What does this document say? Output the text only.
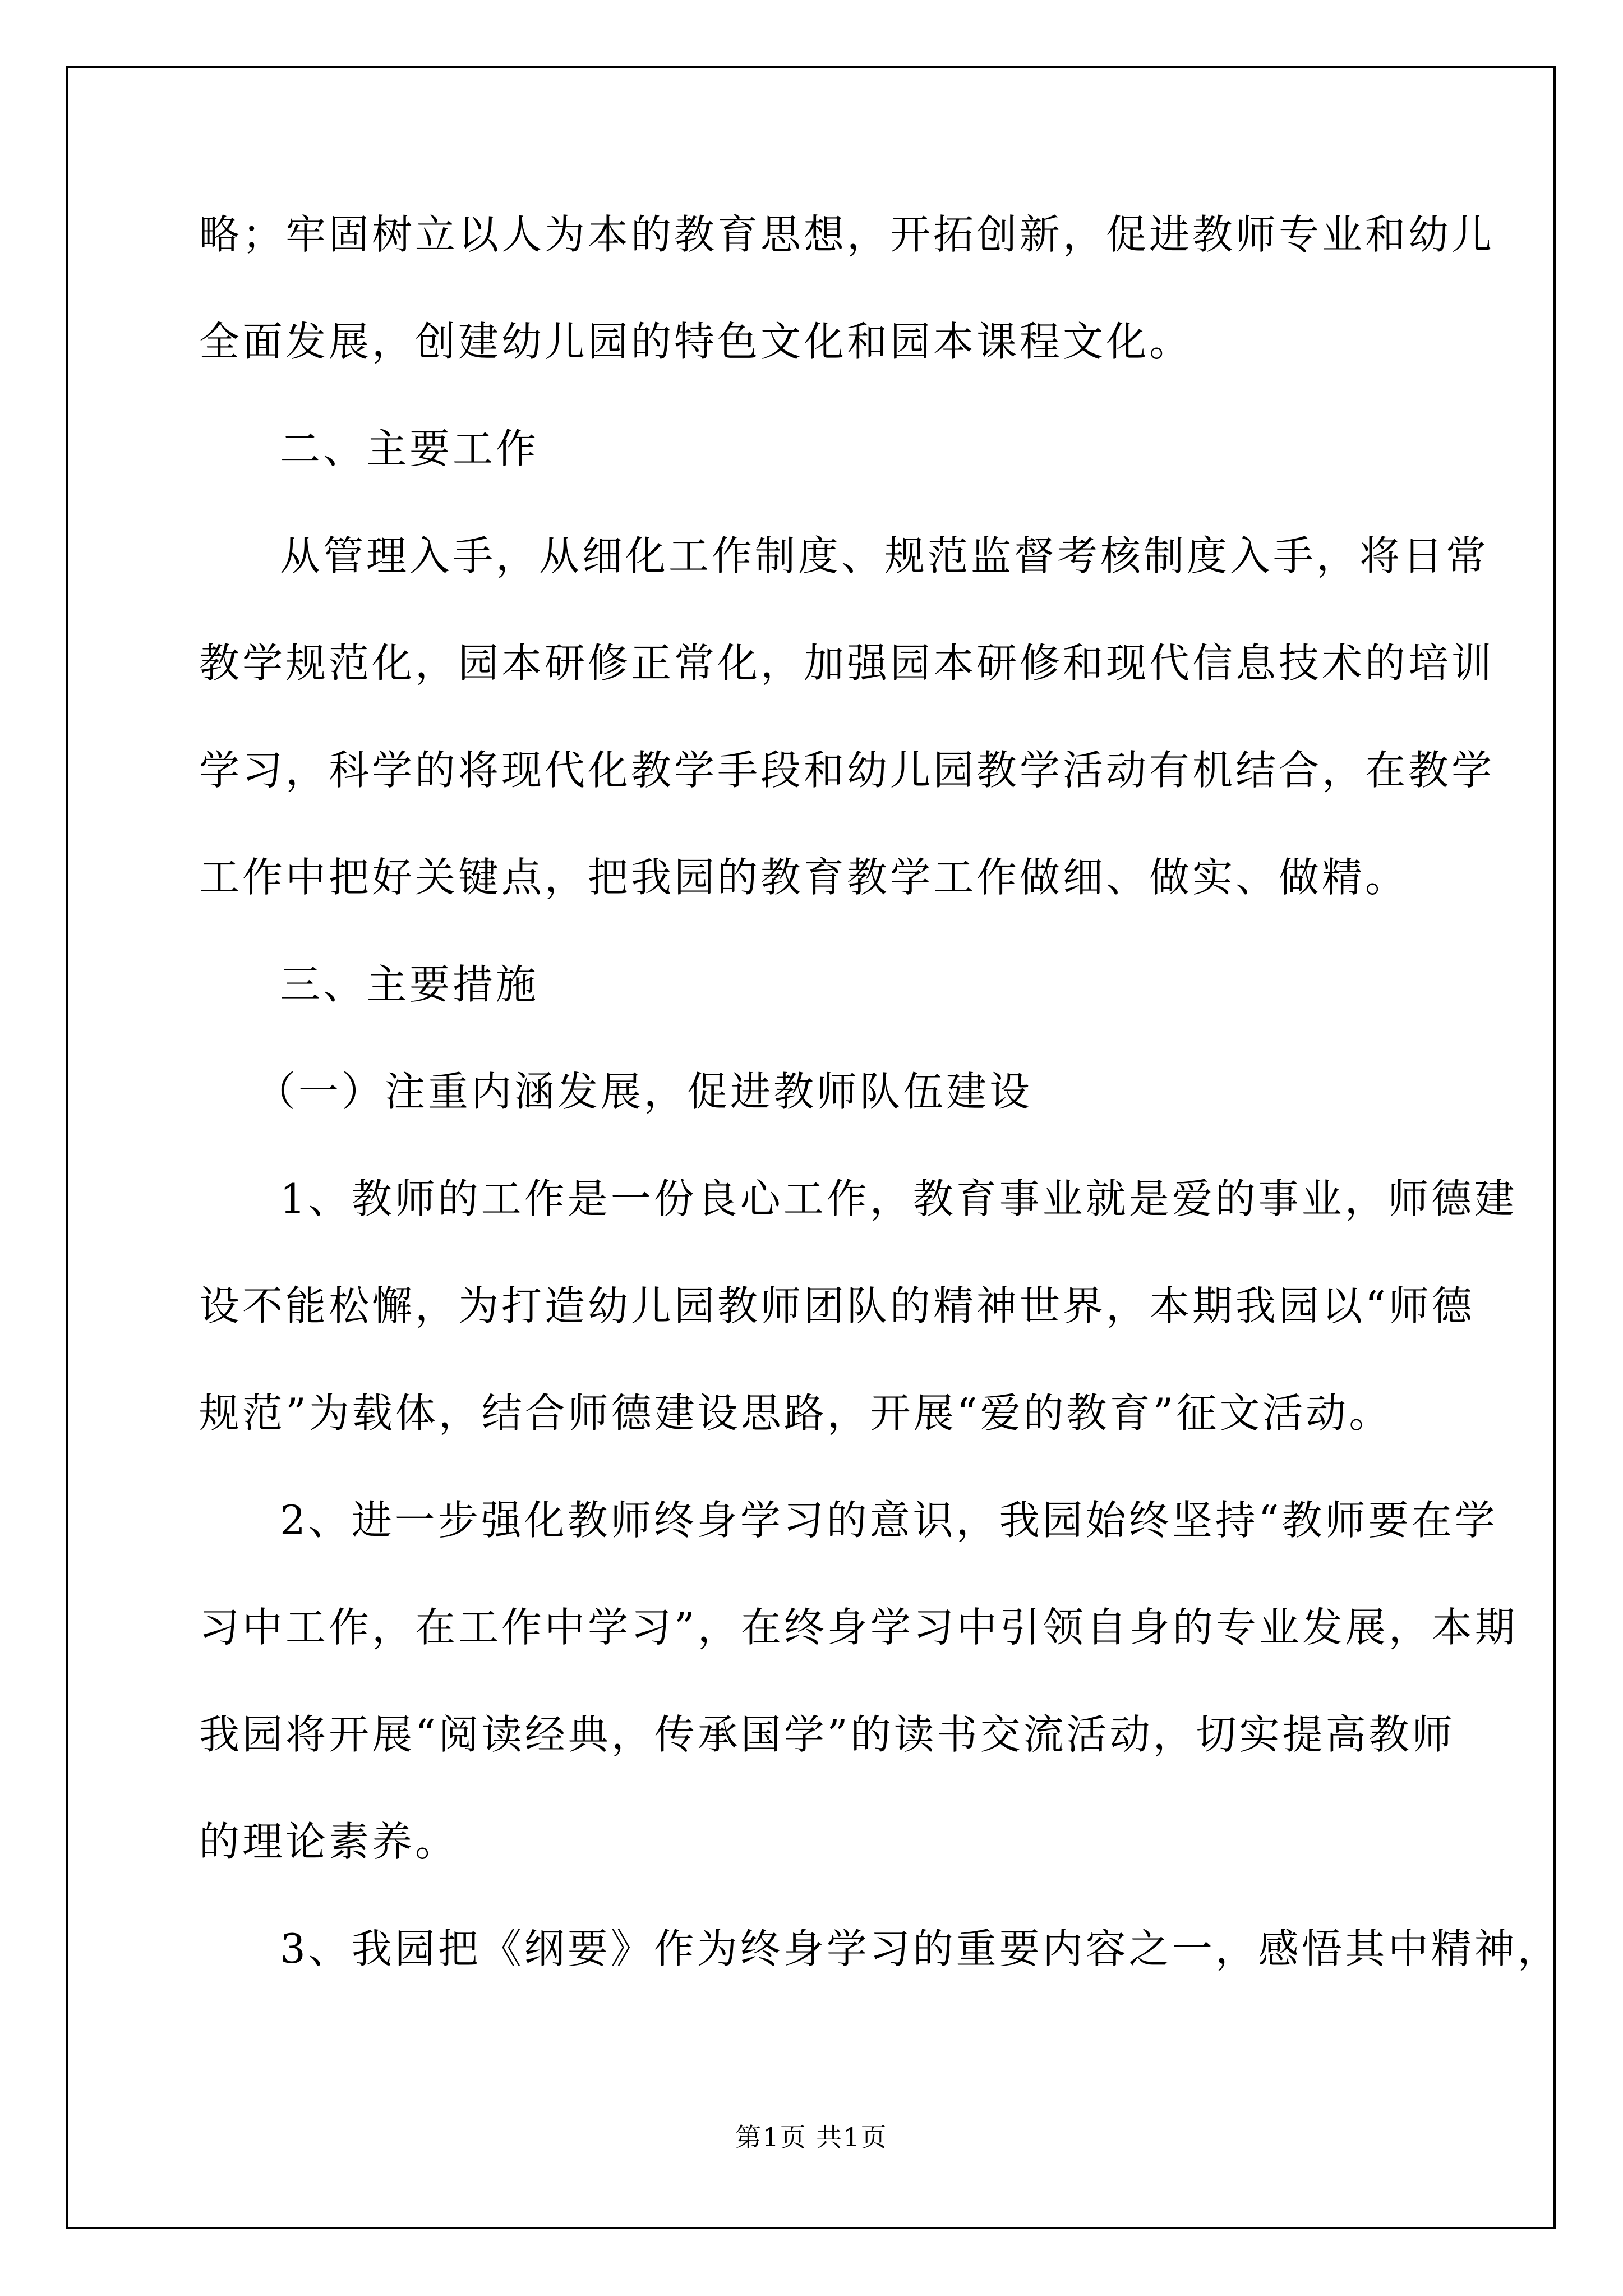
略；牢固树立以人为本的教育思想，开拓创新，促进教师专业和幼儿
全面发展，创建幼儿园的特色文化和园本课程文化。
二、主要工作
从管理入手，从细化工作制度、规范监督考核制度入手，将日常
教学规范化，园本研修正常化，加强园本研修和现代信息技术的培训
学习，科学的将现代化教学手段和幼儿园教学活动有机结合，在教学
工作中把好关键点，把我园的教育教学工作做细、做实、做精。
三、主要措施
（一）注重内涵发展，促进教师队伍建设
1、教师的工作是一份良心工作，教育事业就是爱的事业，师德建
设不能松懈，为打造幼儿园教师团队的精神世界，本期我园以“师德
规范”为载体，结合师德建设思路，开展“爱的教育”征文活动。
2、进一步强化教师终身学习的意识，我园始终坚持“教师要在学
习中工作，在工作中学习”，在终身学习中引领自身的专业发展，本期
我园将开展“阅读经典，传承国学”的读书交流活动，切实提高教师
的理论素养。
3、我园把《纲要》作为终身学习的重要内容之一，感悟其中精神，
第1页 共1页
